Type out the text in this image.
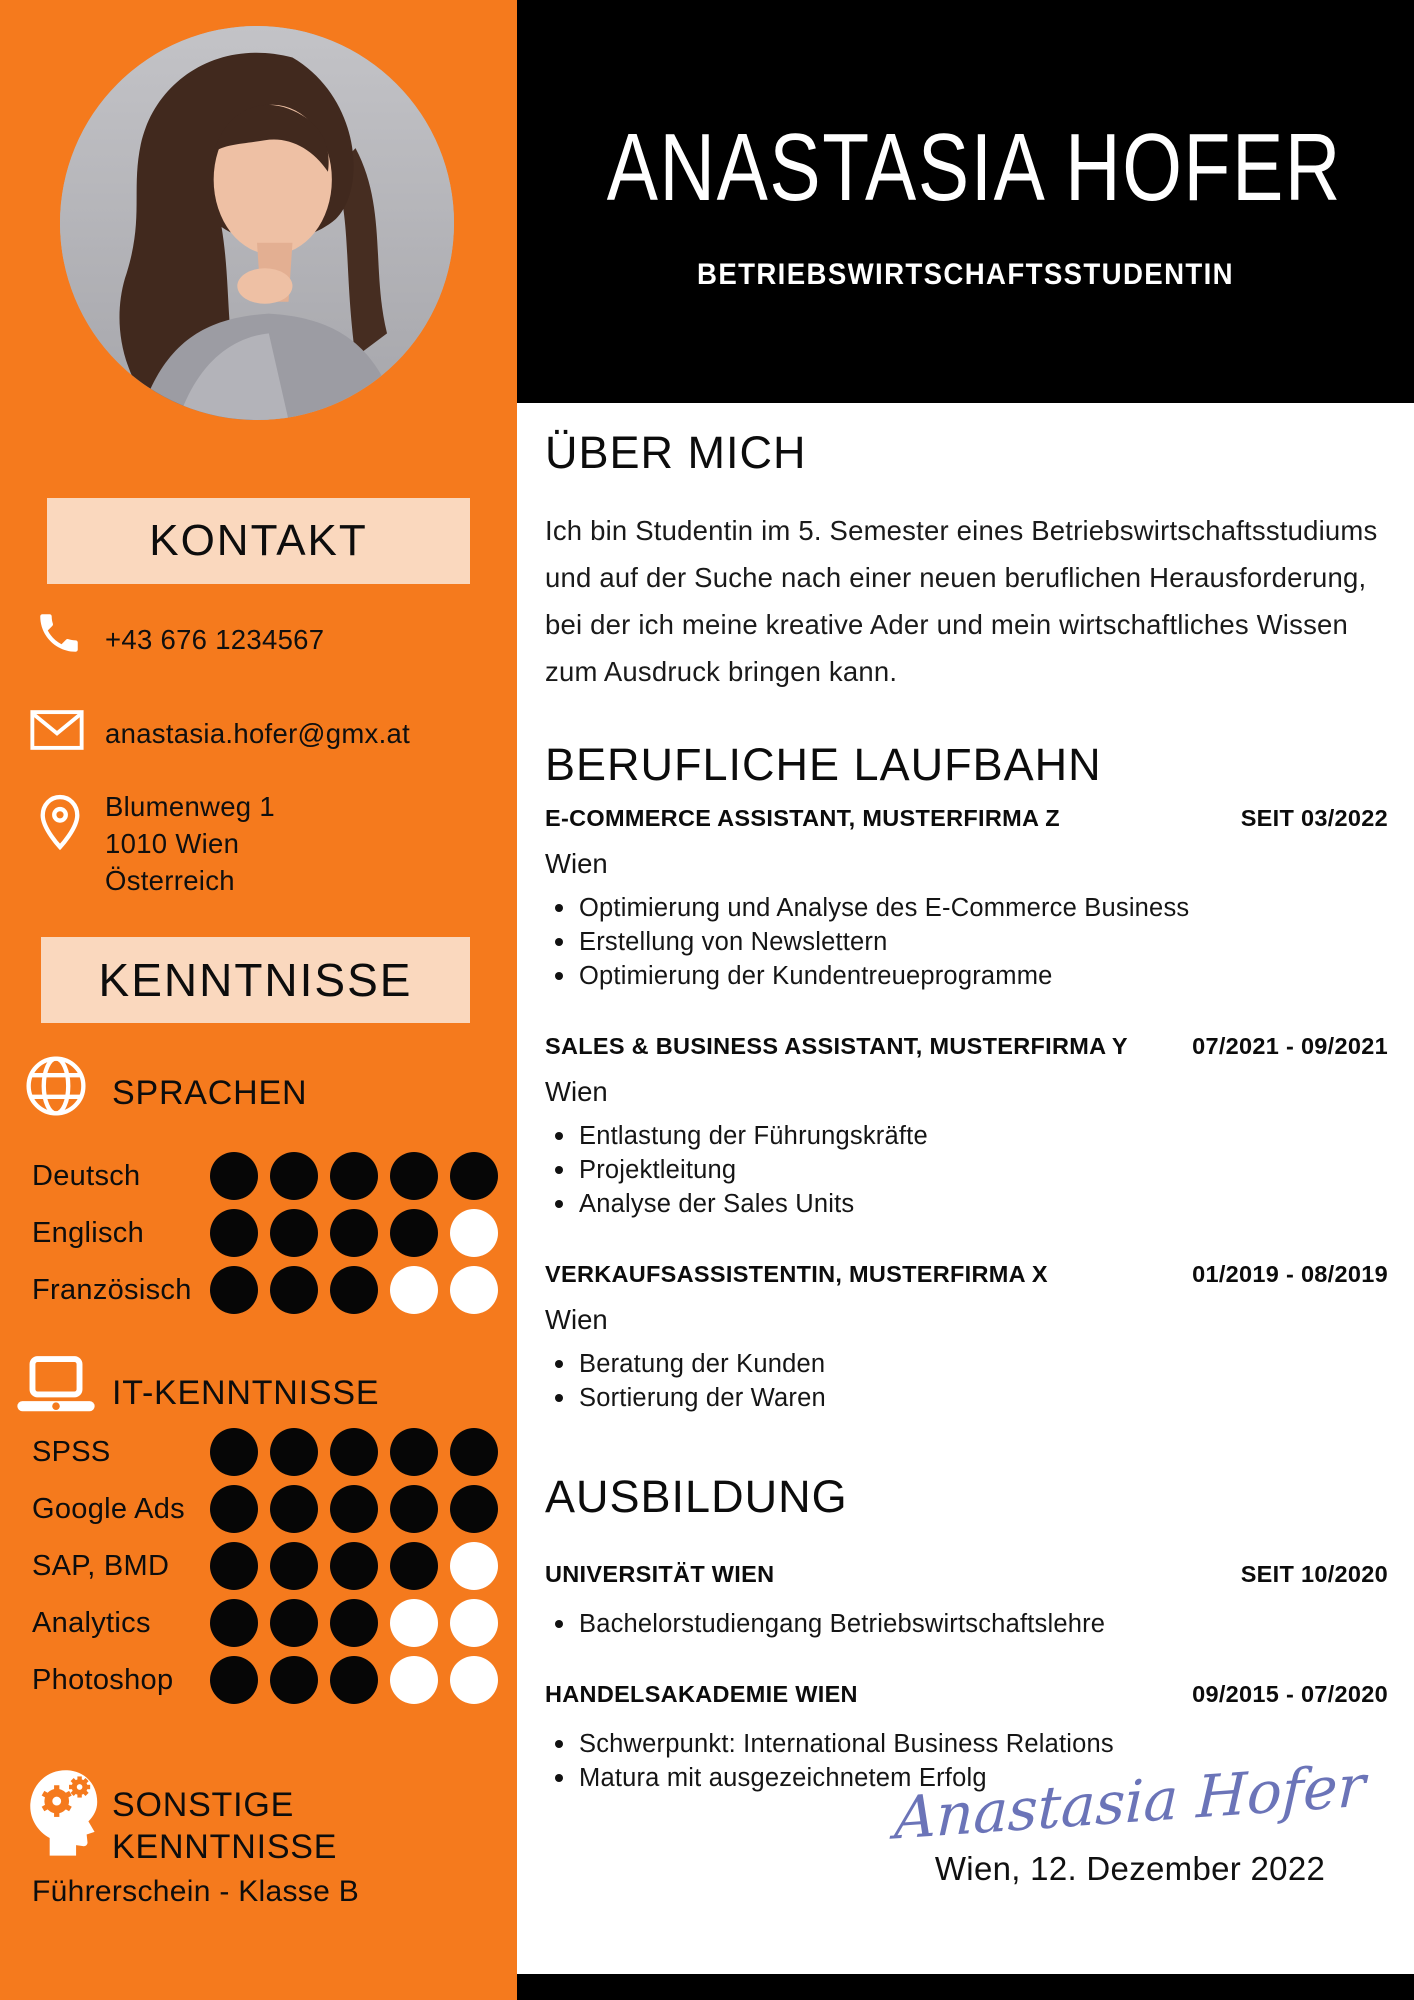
KONTAKT
+43 676 1234567
anastasia.hofer@gmx.at
Blumenweg 1
1010 Wien
Österreich
KENNTNISSE
SPRACHEN
Deutsch
Englisch
Französisch
IT-KENNTNISSE
SPSS
Google Ads
SAP, BMD
Analytics
Photoshop
SONSTIGE KENNTNISSE
Führerschein - Klasse B
ANASTASIA HOFER
BETRIEBSWIRTSCHAFTSSTUDENTIN
ÜBER MICH
Ich bin Studentin im 5. Semester eines Betriebswirtschaftsstudiums und auf der Suche nach einer neuen beruflichen Herausforderung, bei der ich meine kreative Ader und mein wirtschaftliches Wissen zum Ausdruck bringen kann.
BERUFLICHE LAUFBAHN
E-COMMERCE ASSISTANT, MUSTERFIRMA Z	SEIT 03/2022
Wien
Optimierung und Analyse des E-Commerce Business
Erstellung von Newslettern
Optimierung der Kundentreueprogramme
SALES & BUSINESS ASSISTANT, MUSTERFIRMA Y	07/2021 - 09/2021
Wien
Entlastung der Führungskräfte
Projektleitung
Analyse der Sales Units
VERKAUFSASSISTENTIN, MUSTERFIRMA X	01/2019 - 08/2019
Wien
Beratung der Kunden
Sortierung der Waren
AUSBILDUNG
UNIVERSITÄT WIEN	SEIT 10/2020
Bachelorstudiengang Betriebswirtschaftslehre
HANDELSAKADEMIE WIEN	09/2015 - 07/2020
Schwerpunkt: International Business Relations
Matura mit ausgezeichnetem Erfolg
Anastasia Hofer
Wien, 12. Dezember 2022
